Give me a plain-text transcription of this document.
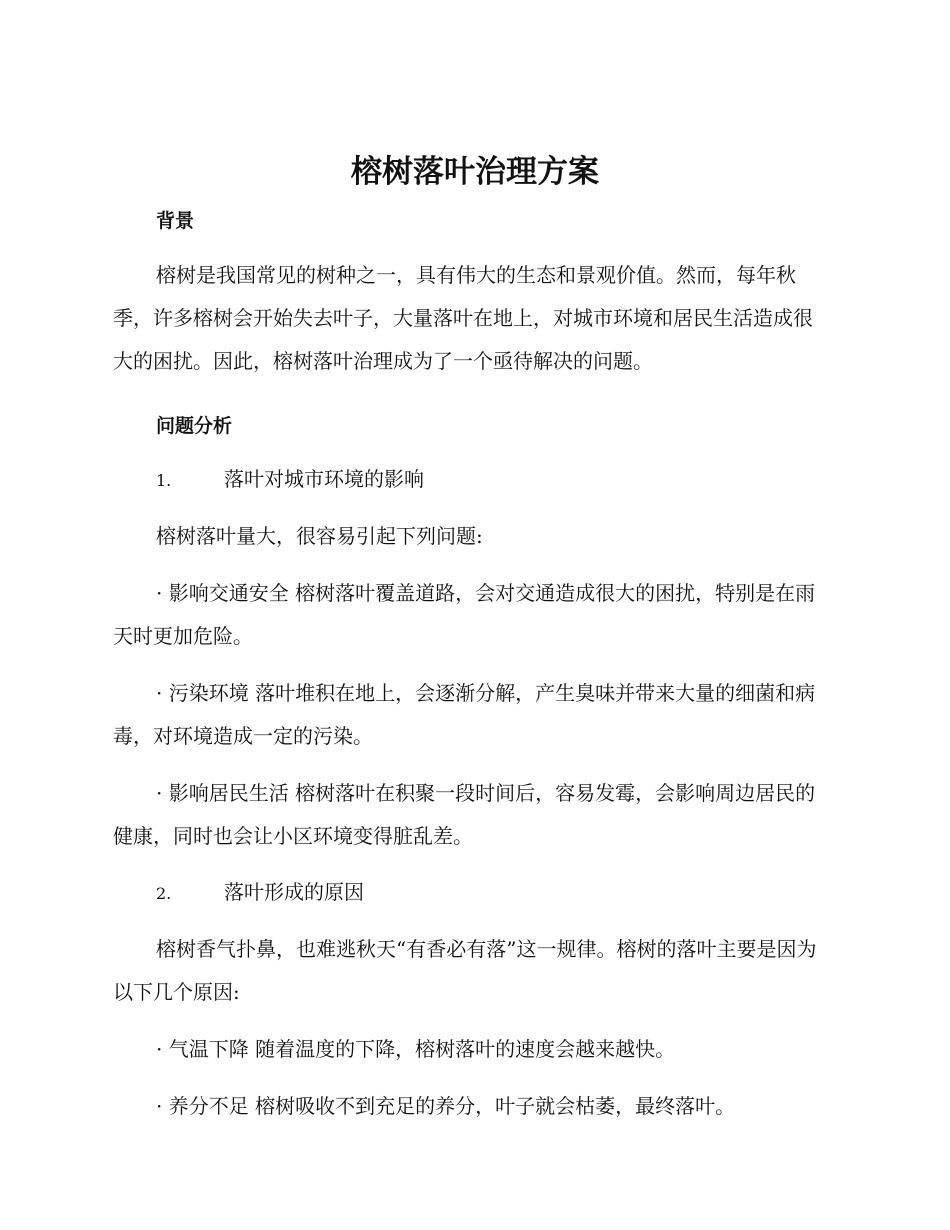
榕树落叶治理方案
背景

榕树是我国常见的树种之一，具有伟大的生态和景观价值。然而，每年秋季，许多榕树会开始失去叶子，大量落叶在地上，对城市环境和居民生活造成很大的困扰。因此，榕树落叶治理成为了一个亟待解决的问题。

问题分析
1.	落叶对城市环境的影响

榕树落叶量大，很容易引起下列问题:

· 影响交通安全 榕树落叶覆盖道路，会对交通造成很大的困扰，特别是在雨天时更加危险。

· 污染环境 落叶堆积在地上，会逐渐分解，产生臭味并带来大量的细菌和病毒，对环境造成一定的污染。

· 影响居民生活 榕树落叶在积聚一段时间后，容易发霉，会影响周边居民的健康，同时也会让小区环境变得脏乱差。

2.	落叶形成的原因

榕树香气扑鼻，也难逃秋天“有香必有落”这一规律。榕树的落叶主要是因为以下几个原因:

· 气温下降 随着温度的下降，榕树落叶的速度会越来越快。

· 养分不足 榕树吸收不到充足的养分，叶子就会枯萎，最终落叶。
